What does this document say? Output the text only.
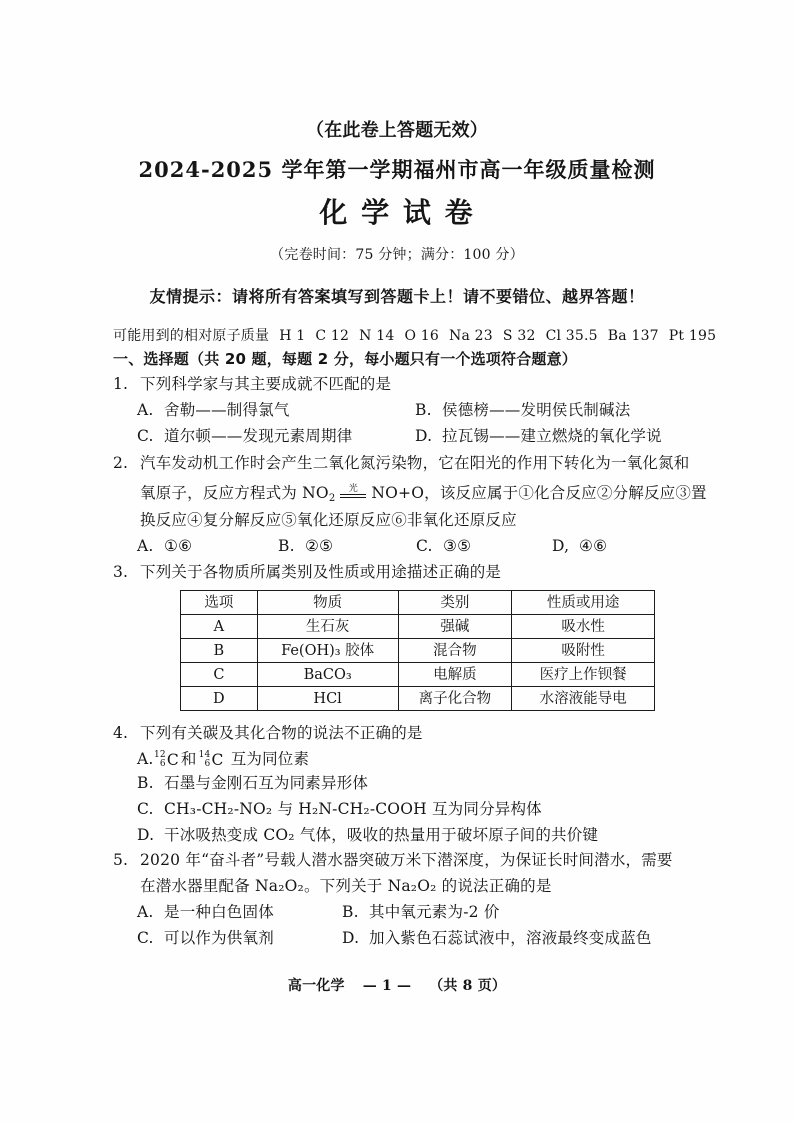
（在此卷上答题无效）
2024-2025 学年第一学期福州市高一年级质量检测
化 学 试 卷
（完卷时间：75 分钟；满分：100 分）
友情提示：请将所有答案填写到答题卡上！请不要错位、越界答题！
可能用到的相对原子质量 H 1 C 12 N 14 O 16 Na 23 S 32 Cl 35.5 Ba 137 Pt 195
一、选择题（共 20 题，每题 2 分，每小题只有一个选项符合题意）
1. 下列科学家与其主要成就不匹配的是
A. 舍勒——制得氯气	B. 侯德榜——发明侯氏制碱法
C. 道尔顿——发现元素周期律	D. 拉瓦锡——建立燃烧的氧化学说
2. 汽车发动机工作时会产生二氧化氮污染物，它在阳光的作用下转化为一氧化氮和
氧原子，反应方程式为 $NO_2$
光 NO+O，该反应属于①化合反应②分解反应③置
换反应④复分解反应⑤氧化还原反应⑥非氧化还原反应
A. ①⑥	B. ②⑤	C. ③⑤	D, ④⑥
3. 下列关于各物质所属类别及性质或用途描述正确的是
选项	物质	类别	性质或用途
A	生石灰	强碱	吸水性
B	Fe(OH)₃ 胶体	混合物	吸附性
C	BaCO₃	电解质	医疗上作钡餐
D	HCl	离子化合物	水溶液能导电
4. 下列有关碳及其化合物的说法不正确的是
A. 12
6 C 和 14
6 C 互为同位素
B. 石墨与金刚石互为同素异形体
C. CH₃-CH₂-NO₂ 与 H₂N-CH₂-COOH 互为同分异构体
D. 干冰吸热变成 CO₂ 气体，吸收的热量用于破坏原子间的共价键
5. 2020 年“奋斗者”号载人潜水器突破万米下潜深度，为保证长时间潜水，需要
在潜水器里配备 Na₂O₂。下列关于 Na₂O₂ 的说法正确的是
A. 是一种白色固体	B. 其中氧元素为-2 价
C. 可以作为供氧剂	D. 加入紫色石蕊试液中，溶液最终变成蓝色
高一化学 — 1 — （共 8 页）
